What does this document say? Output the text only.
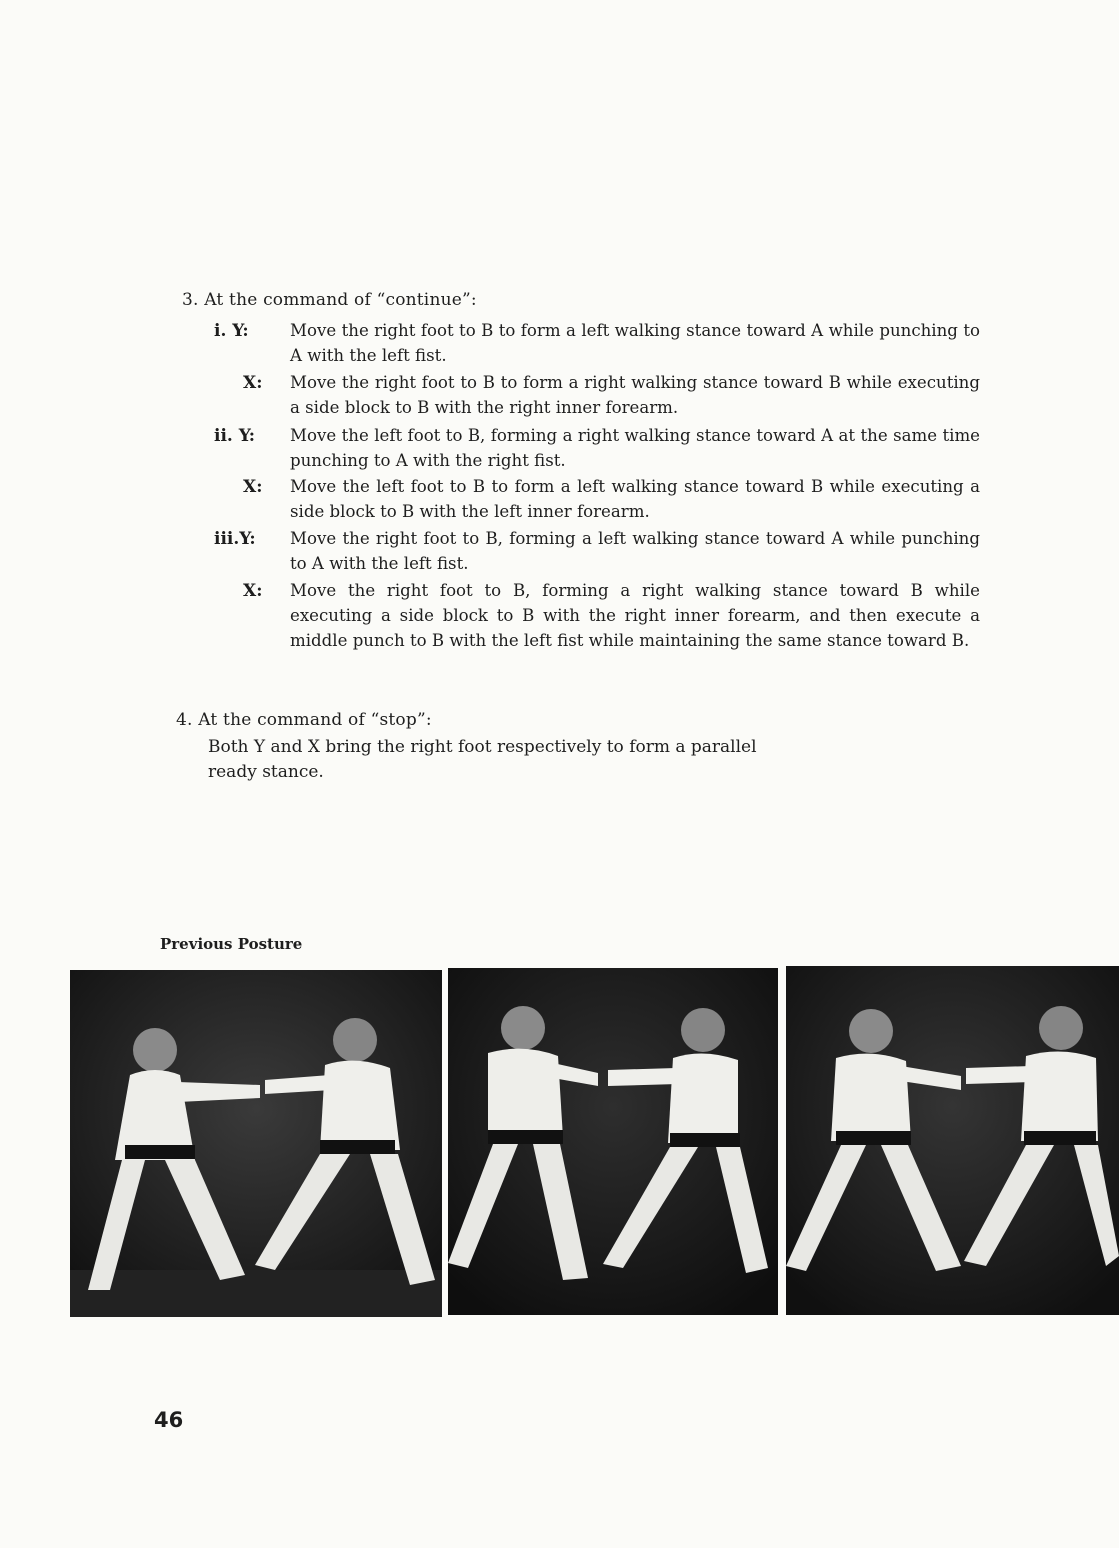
3. At the command of “continue”:
i. Y: Move the right foot to B to form a left walking stance toward A while punching to A with the left fist.
X: Move the right foot to B to form a right walking stance toward B while executing a side block to B with the right inner forearm.
ii. Y: Move the left foot to B, forming a right walking stance toward A at the same time punching to A with the right fist.
X: Move the left foot to B to form a left walking stance toward B while executing a side block to B with the left inner forearm.
iii.Y: Move the right foot to B, forming a left walking stance toward A while punching to A with the left fist.
X: Move the right foot to B, forming a right walking stance toward B while executing a side block to B with the right inner forearm, and then execute a middle punch to B with the left fist while maintaining the same stance toward B.
4. At the command of “stop”:
Both Y and X bring the right foot respectively to form a parallel ready stance.
Previous Posture
46
